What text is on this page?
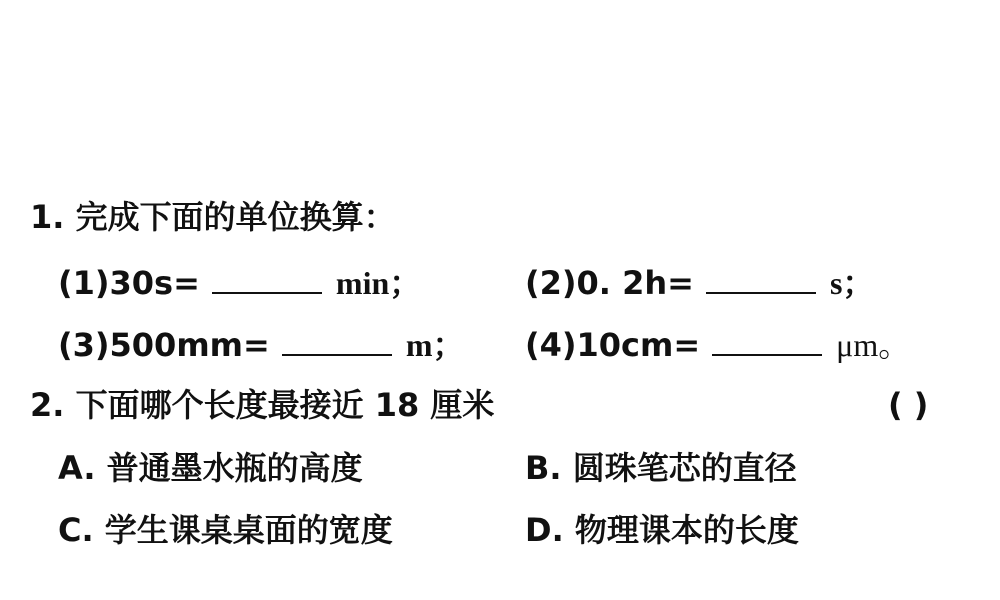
1. 完成下面的单位换算：
(1)30s=	min；	(2)0. 2h=	s；
(3)500mm=	m； (4)10cm=	μm。
2. 下面哪个长度最接近 18 厘米	( )
A. 普通墨水瓶的高度	B. 圆珠笔芯的直径
C. 学生课桌桌面的宽度	D. 物理课本的长度
